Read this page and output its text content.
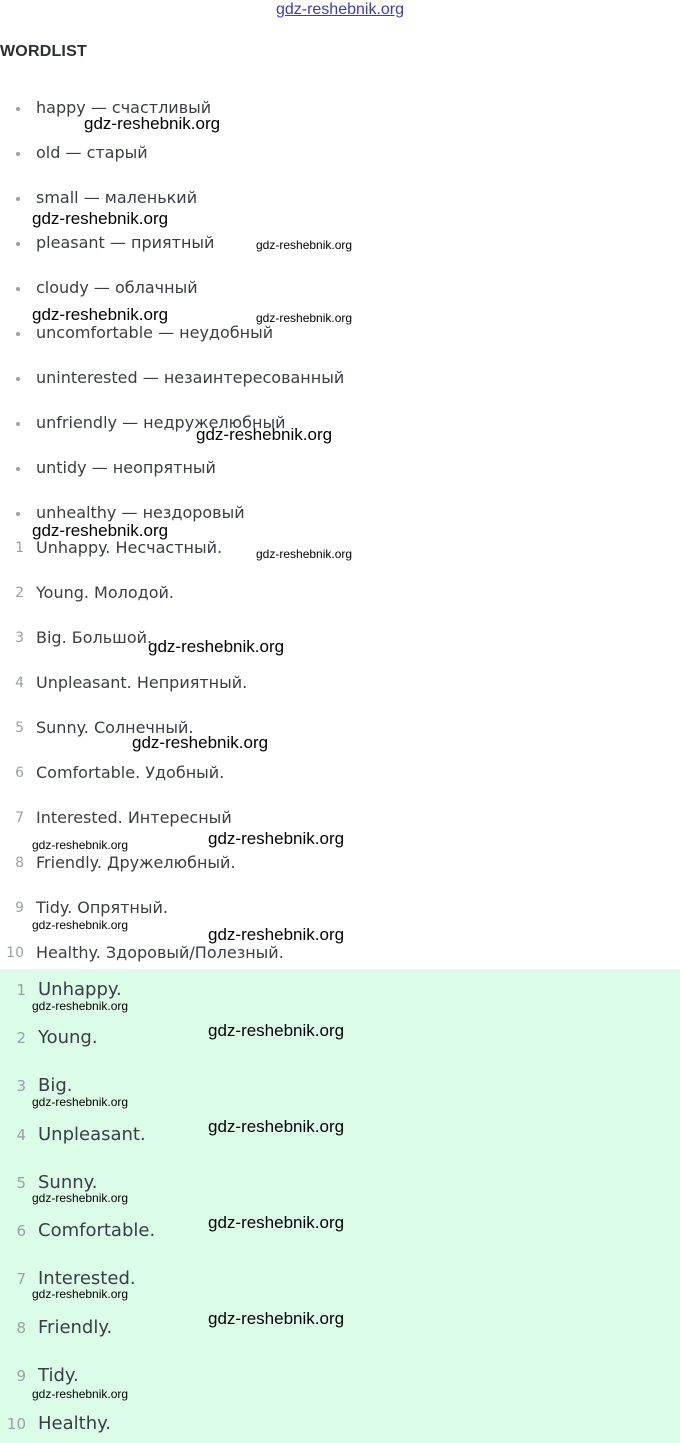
gdz-reshebnik.org
WORDLIST
happy — счастливый
old — старый
small — маленький
pleasant — приятный
cloudy — облачный
uncomfortable — неудобный
uninterested — незаинтересованный
unfriendly — недружелюбный
untidy — неопрятный
unhealthy — нездоровый
1 Unhappy. Несчастный.
2 Young. Молодой.
3 Big. Большой.
4 Unpleasant. Неприятный.
5 Sunny. Солнечный.
6 Comfortable. Удобный.
7 Interested. Интересный
8 Friendly. Дружелюбный.
9 Tidy. Опрятный.
10 Healthy. Здоровый/Полезный.
1 Unhappy.
2 Young.
3 Big.
4 Unpleasant.
5 Sunny.
6 Comfortable.
7 Interested.
8 Friendly.
9 Tidy.
10 Healthy.
gdz-reshebnik.org
gdz-reshebnik.org
gdz-reshebnik.org
gdz-reshebnik.org	gdz-reshebnik.org
gdz-reshebnik.org
gdz-reshebnik.org
gdz-reshebnik.org
gdz-reshebnik.org
gdz-reshebnik.org
gdz-reshebnik.org
gdz-reshebnik.org
gdz-reshebnik.org	gdz-reshebnik.org
gdz-reshebnik.org
gdz-reshebnik.org
gdz-reshebnik.org
gdz-reshebnik.org
gdz-reshebnik.org
gdz-reshebnik.org
gdz-reshebnik.org
gdz-reshebnik.org
gdz-reshebnik.org
